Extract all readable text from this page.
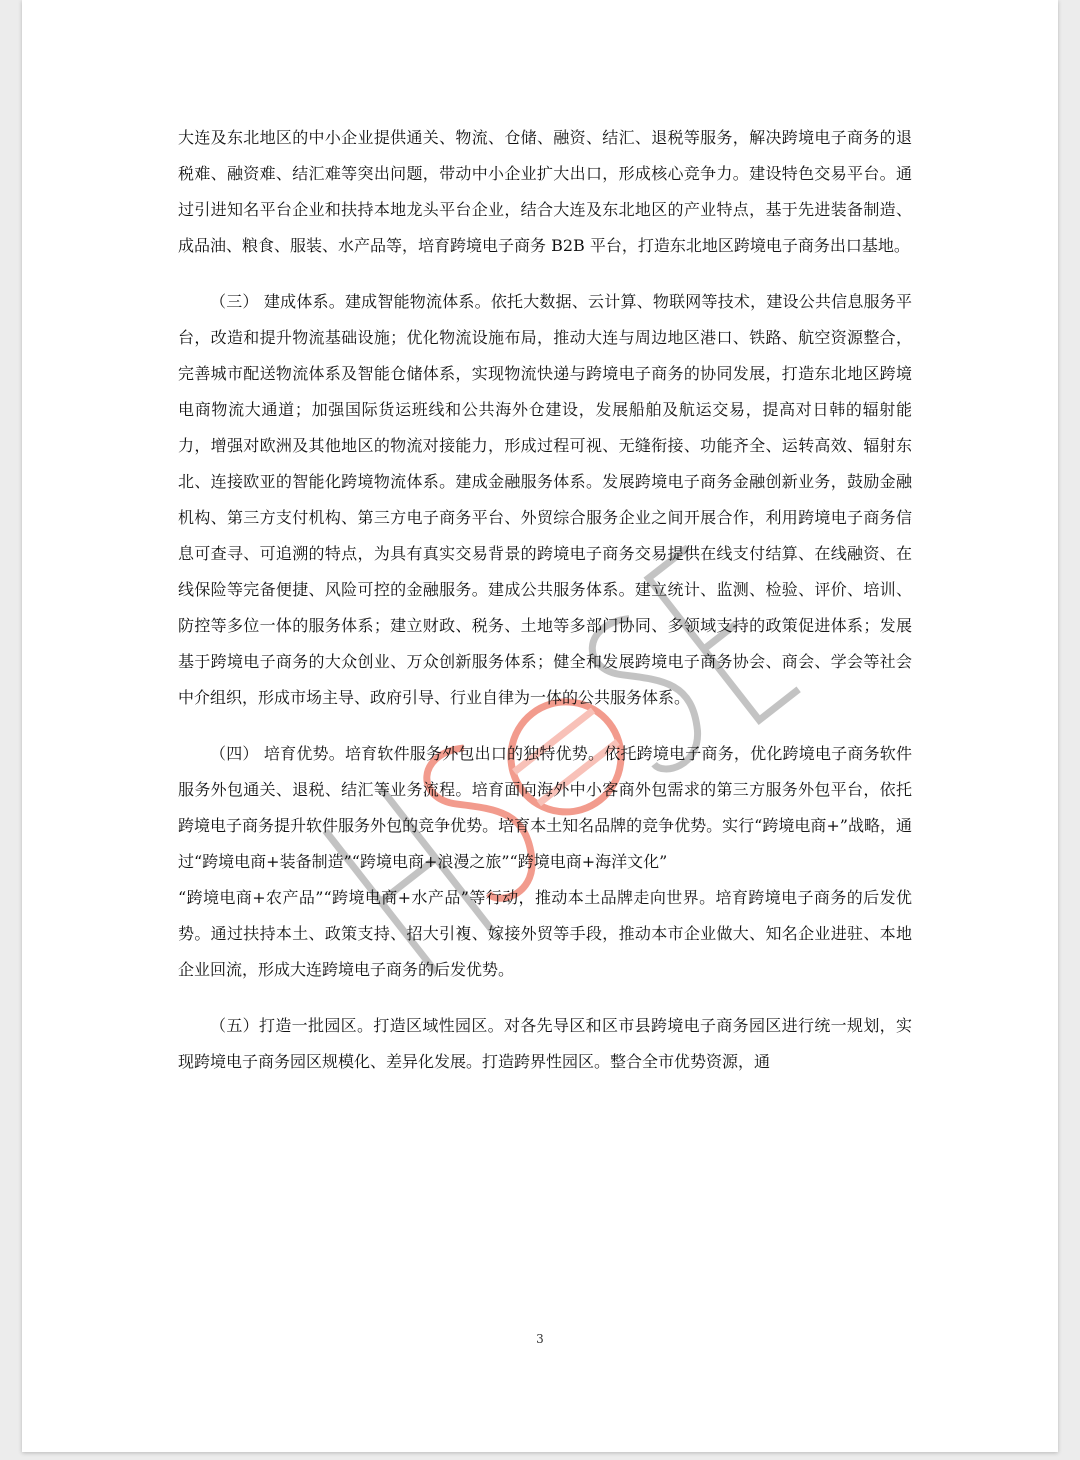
大连及东北地区的中小企业提供通关、物流、仓储、融资、结汇、退税等服务，解决跨境电子商务的退税难、融资难、结汇难等突出问题，带动中小企业扩大出口，形成核心竞争力。建设特色交易平台。通过引进知名平台企业和扶持本地龙头平台企业，结合大连及东北地区的产业特点，基于先进装备制造、成品油、粮食、服装、水产品等，培育跨境电子商务 B2B 平台，打造东北地区跨境电子商务出口基地。

（三） 建成体系。建成智能物流体系。依托大数据、云计算、物联网等技术，建设公共信息服务平台，改造和提升物流基础设施；优化物流设施布局，推动大连与周边地区港口、铁路、航空资源整合，完善城市配送物流体系及智能仓储体系，实现物流快递与跨境电子商务的协同发展，打造东北地区跨境电商物流大通道；加强国际货运班线和公共海外仓建设，发展船舶及航运交易，提高对日韩的辐射能力，增强对欧洲及其他地区的物流对接能力，形成过程可视、无缝衔接、功能齐全、运转高效、辐射东北、连接欧亚的智能化跨境物流体系。建成金融服务体系。发展跨境电子商务金融创新业务，鼓励金融机构、第三方支付机构、第三方电子商务平台、外贸综合服务企业之间开展合作，利用跨境电子商务信息可查寻、可追溯的特点，为具有真实交易背景的跨境电子商务交易提供在线支付结算、在线融资、在线保险等完备便捷、风险可控的金融服务。建成公共服务体系。建立统计、监测、检验、评价、培训、防控等多位一体的服务体系；建立财政、税务、土地等多部门协同、多领域支持的政策促进体系；发展基于跨境电子商务的大众创业、万众创新服务体系；健全和发展跨境电子商务协会、商会、学会等社会中介组织，形成市场主导、政府引导、行业自律为一体的公共服务体系。

（四） 培育优势。培育软件服务外包出口的独特优势。依托跨境电子商务，优化跨境电子商务软件服务外包通关、退税、结汇等业务流程。培育面向海外中小客商外包需求的第三方服务外包平台，依托跨境电子商务提升软件服务外包的竞争优势。培育本土知名品牌的竞争优势。实行“跨境电商+”战略，通过“跨境电商+装备制造”“跨境电商+浪漫之旅”“跨境电商+海洋文化”

“跨境电商+农产品”“跨境电商+水产品”等行动，推动本土品牌走向世界。培育跨境电子商务的后发优势。通过扶持本土、政策支持、招大引複、嫁接外贸等手段，推动本市企业做大、知名企业进驻、本地企业回流，形成大连跨境电子商务的后发优势。

（五）打造一批园区。打造区域性园区。对各先导区和区市县跨境电子商务园区进行统一规划，实现跨境电子商务园区规模化、差异化发展。打造跨界性园区。整合全市优势资源，通

3
